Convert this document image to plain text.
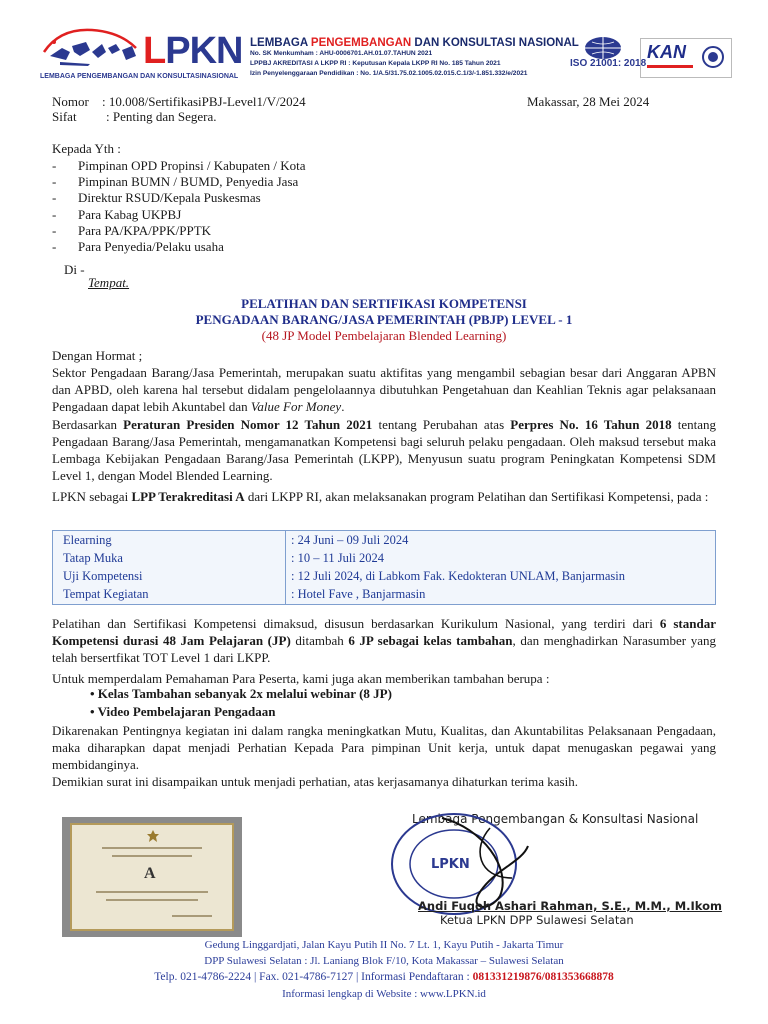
LPKN
LEMBAGA PENGEMBANGAN DAN KONSULTASINASIONAL
LEMBAGA PENGEMBANGAN DAN KONSULTASI NASIONAL
No. SK Menkumham : AHU-0006701.AH.01.07.TAHUN 2021
LPPBJ AKREDITASI A LKPP RI : Keputusan Kepala LKPP RI No. 185 Tahun 2021
Izin Penyelenggaraan Pendidikan : No. 1/A.5/31.75.02.1005.02.015.C.1/3/-1.851.332/e/2021
ISO 21001: 2018
KAN
Nomor : 10.008/SertifikasiPBJ-Level1/V/2024
Sifat : Penting dan Segera.
Makassar, 28 Mei 2024
Kepada Yth :
-	Pimpinan OPD Propinsi / Kabupaten / Kota
-	Pimpinan BUMN / BUMD, Penyedia Jasa
-	Direktur RSUD/Kepala Puskesmas
-	Para Kabag UKPBJ
-	Para PA/KPA/PPK/PPTK
-	Para Penyedia/Pelaku usaha
Di -
Tempat.
PELATIHAN DAN SERTIFIKASI KOMPETENSI
PENGADAAN BARANG/JASA PEMERINTAH (PBJP) LEVEL - 1
(48 JP Model Pembelajaran Blended Learning)
Dengan Hormat ;

Sektor Pengadaan Barang/Jasa Pemerintah, merupakan suatu aktifitas yang mengambil sebagian besar dari Anggaran APBN dan APBD, oleh karena hal tersebut didalam pengelolaannya dibutuhkan Pengetahuan dan Keahlian Teknis agar pelaksanaan Pengadaan dapat lebih Akuntabel dan Value For Money.

Berdasarkan Peraturan Presiden Nomor 12 Tahun 2021 tentang Perubahan atas Perpres No. 16 Tahun 2018 tentang Pengadaan Barang/Jasa Pemerintah, mengamanatkan Kompetensi bagi seluruh pelaku pengadaan. Oleh maksud tersebut maka Lembaga Kebijakan Pengadaan Barang/Jasa Pemerintah (LKPP), Menyusun suatu program Peningkatan Kompetensi SDM Level 1, dengan Model Blended Learning.

LPKN sebagai LPP Terakreditasi A dari LKPP RI, akan melaksanakan program Pelatihan dan Sertifikasi Kompetensi, pada :

Elearning	: 24 Juni – 09 Juli 2024
Tatap Muka	: 10 – 11 Juli 2024
Uji Kompetensi	: 12 Juli 2024, di Labkom Fak. Kedokteran UNLAM, Banjarmasin
Tempat Kegiatan	: Hotel Fave , Banjarmasin

Pelatihan dan Sertifikasi Kompetensi dimaksud, disusun berdasarkan Kurikulum Nasional, yang terdiri dari 6 standar Kompetensi durasi 48 Jam Pelajaran (JP) ditambah 6 JP sebagai kelas tambahan, dan menghadirkan Narasumber yang telah bersertfikat TOT Level 1 dari LKPP.

Untuk memperdalam Pemahaman Para Peserta, kami juga akan memberikan tambahan berupa :
• Kelas Tambahan sebanyak 2x melalui webinar (8 JP)
• Video Pembelajaran Pengadaan
Dikarenakan Pentingnya kegiatan ini dalam rangka meningkatkan Mutu, Kualitas, dan Akuntabilitas Pelaksanaan Pengadaan, maka diharapkan dapat menjadi Perhatian Kepada Para pimpinan Unit kerja, untuk dapat menugaskan pegawai yang membidanginya.
Demikian surat ini disampaikan untuk menjadi perhatian, atas kerjasamanya dihaturkan terima kasih.
A
Lembaga Pengembangan & Konsultasi Nasional
LPKN
Andi Fuqoh Ashari Rahman, S.E., M.M., M.Ikom
Ketua LPKN DPP Sulawesi Selatan
Gedung Linggardjati, Jalan Kayu Putih II No. 7 Lt. 1, Kayu Putih - Jakarta Timur
DPP Sulawesi Selatan : Jl. Laniang Blok F/10, Kota Makassar – Sulawesi Selatan
Telp. 021-4786-2224 | Fax. 021-4786-7127 | Informasi Pendaftaran : 081331219876/081353668878
Informasi lengkap di Website : www.LPKN.id
